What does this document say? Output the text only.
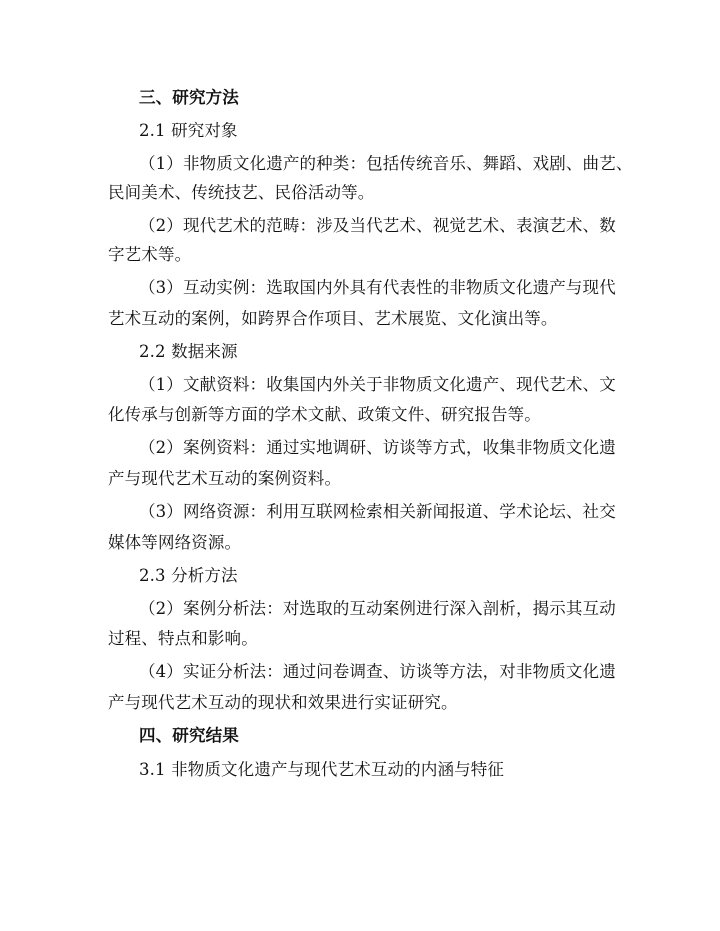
三、研究方法
2.1 研究对象
（1）非物质文化遗产的种类：包括传统音乐、舞蹈、戏剧、曲艺、
民间美术、传统技艺、民俗活动等。
（2）现代艺术的范畴：涉及当代艺术、视觉艺术、表演艺术、数
字艺术等。
（3）互动实例：选取国内外具有代表性的非物质文化遗产与现代
艺术互动的案例，如跨界合作项目、艺术展览、文化演出等。
2.2 数据来源
（1）文献资料：收集国内外关于非物质文化遗产、现代艺术、文
化传承与创新等方面的学术文献、政策文件、研究报告等。
（2）案例资料：通过实地调研、访谈等方式，收集非物质文化遗
产与现代艺术互动的案例资料。
（3）网络资源：利用互联网检索相关新闻报道、学术论坛、社交
媒体等网络资源。
2.3 分析方法
（2）案例分析法：对选取的互动案例进行深入剖析，揭示其互动
过程、特点和影响。
（4）实证分析法：通过问卷调查、访谈等方法，对非物质文化遗
产与现代艺术互动的现状和效果进行实证研究。
四、研究结果
3.1 非物质文化遗产与现代艺术互动的内涵与特征
